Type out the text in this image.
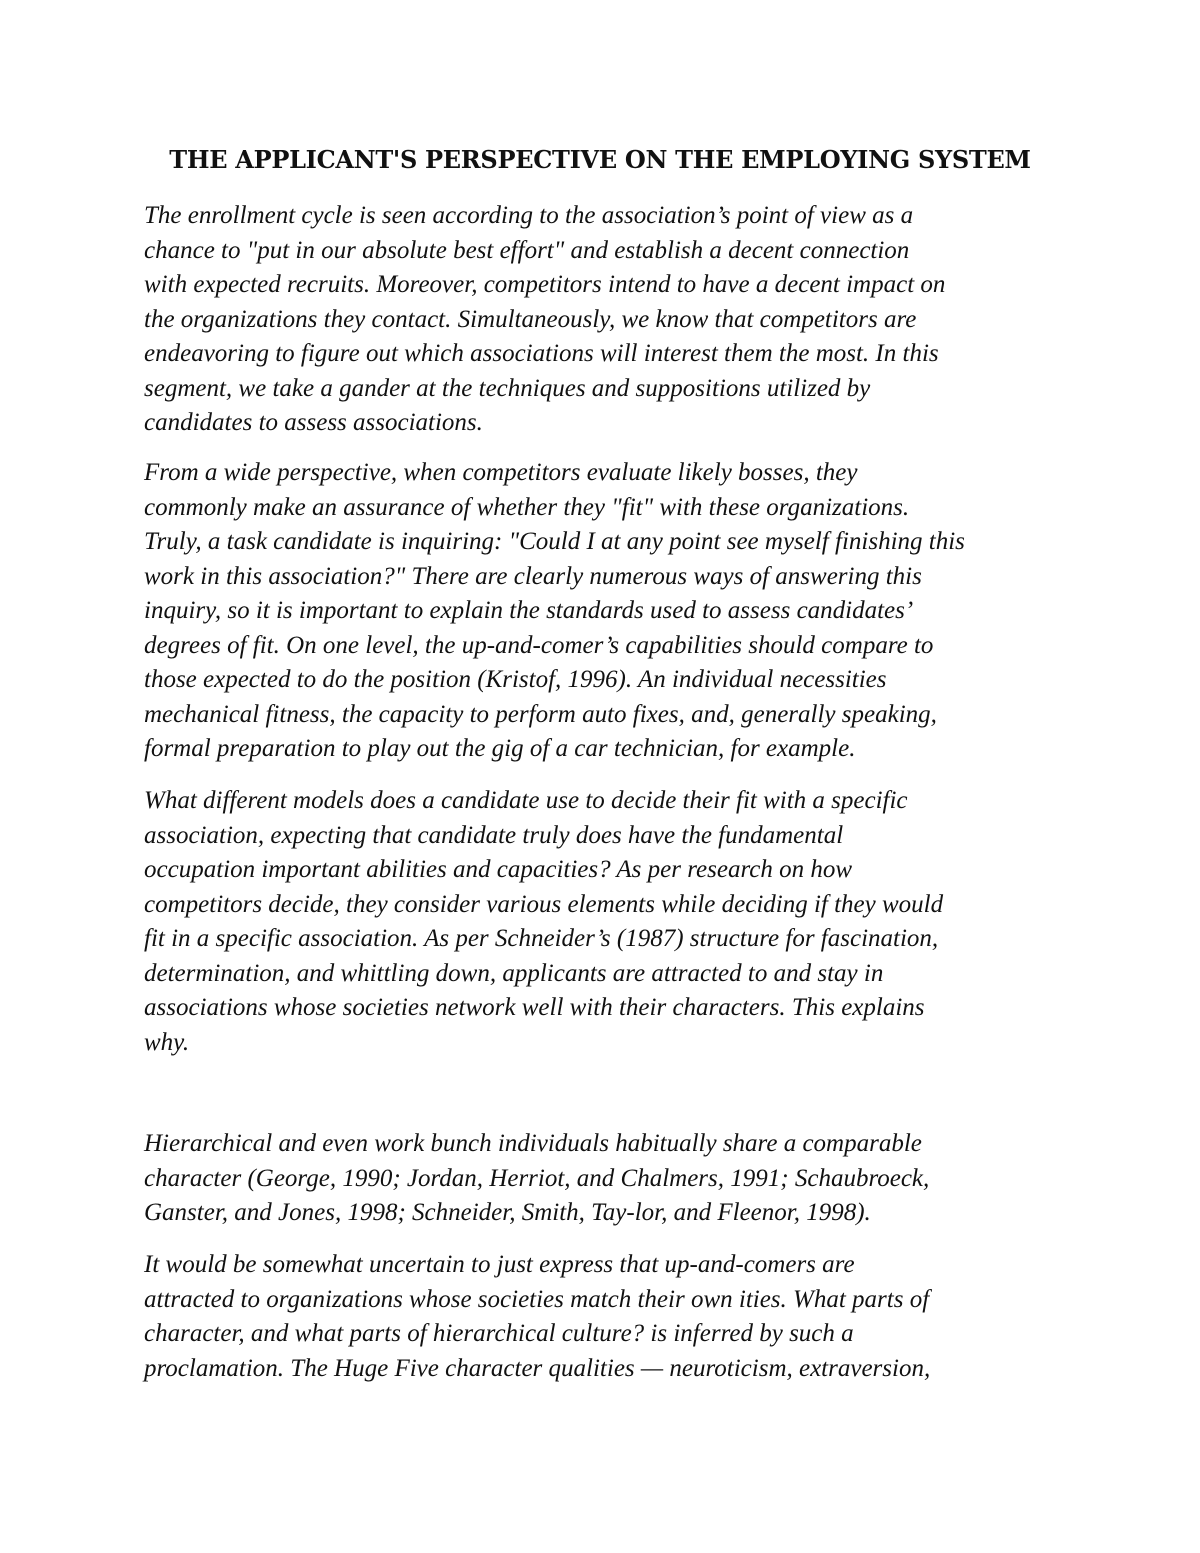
THE APPLICANT'S PERSPECTIVE ON THE EMPLOYING SYSTEM

The enrollment cycle is seen according to the association’s point of view as a
chance to "put in our absolute best effort" and establish a decent connection
with expected recruits. Moreover, competitors intend to have a decent impact on
the organizations they contact. Simultaneously, we know that competitors are
endeavoring to figure out which associations will interest them the most. In this
segment, we take a gander at the techniques and suppositions utilized by
candidates to assess associations.

From a wide perspective, when competitors evaluate likely bosses, they
commonly make an assurance of whether they "fit" with these organizations.
Truly, a task candidate is inquiring: "Could I at any point see myself finishing this
work in this association?" There are clearly numerous ways of answering this
inquiry, so it is important to explain the standards used to assess candidates’
degrees of fit. On one level, the up-and-comer’s capabilities should compare to
those expected to do the position (Kristof, 1996). An individual necessities
mechanical fitness, the capacity to perform auto fixes, and, generally speaking,
formal preparation to play out the gig of a car technician, for example.

What different models does a candidate use to decide their fit with a specific
association, expecting that candidate truly does have the fundamental
occupation important abilities and capacities? As per research on how
competitors decide, they consider various elements while deciding if they would
fit in a specific association. As per Schneider’s (1987) structure for fascination,
determination, and whittling down, applicants are attracted to and stay in
associations whose societies network well with their characters. This explains
why.

Hierarchical and even work bunch individuals habitually share a comparable
character (George, 1990; Jordan, Herriot, and Chalmers, 1991; Schaubroeck,
Ganster, and Jones, 1998; Schneider, Smith, Tay-lor, and Fleenor, 1998).

It would be somewhat uncertain to just express that up-and-comers are
attracted to organizations whose societies match their own ities. What parts of
character, and what parts of hierarchical culture? is inferred by such a
proclamation. The Huge Five character qualities — neuroticism, extraversion,
